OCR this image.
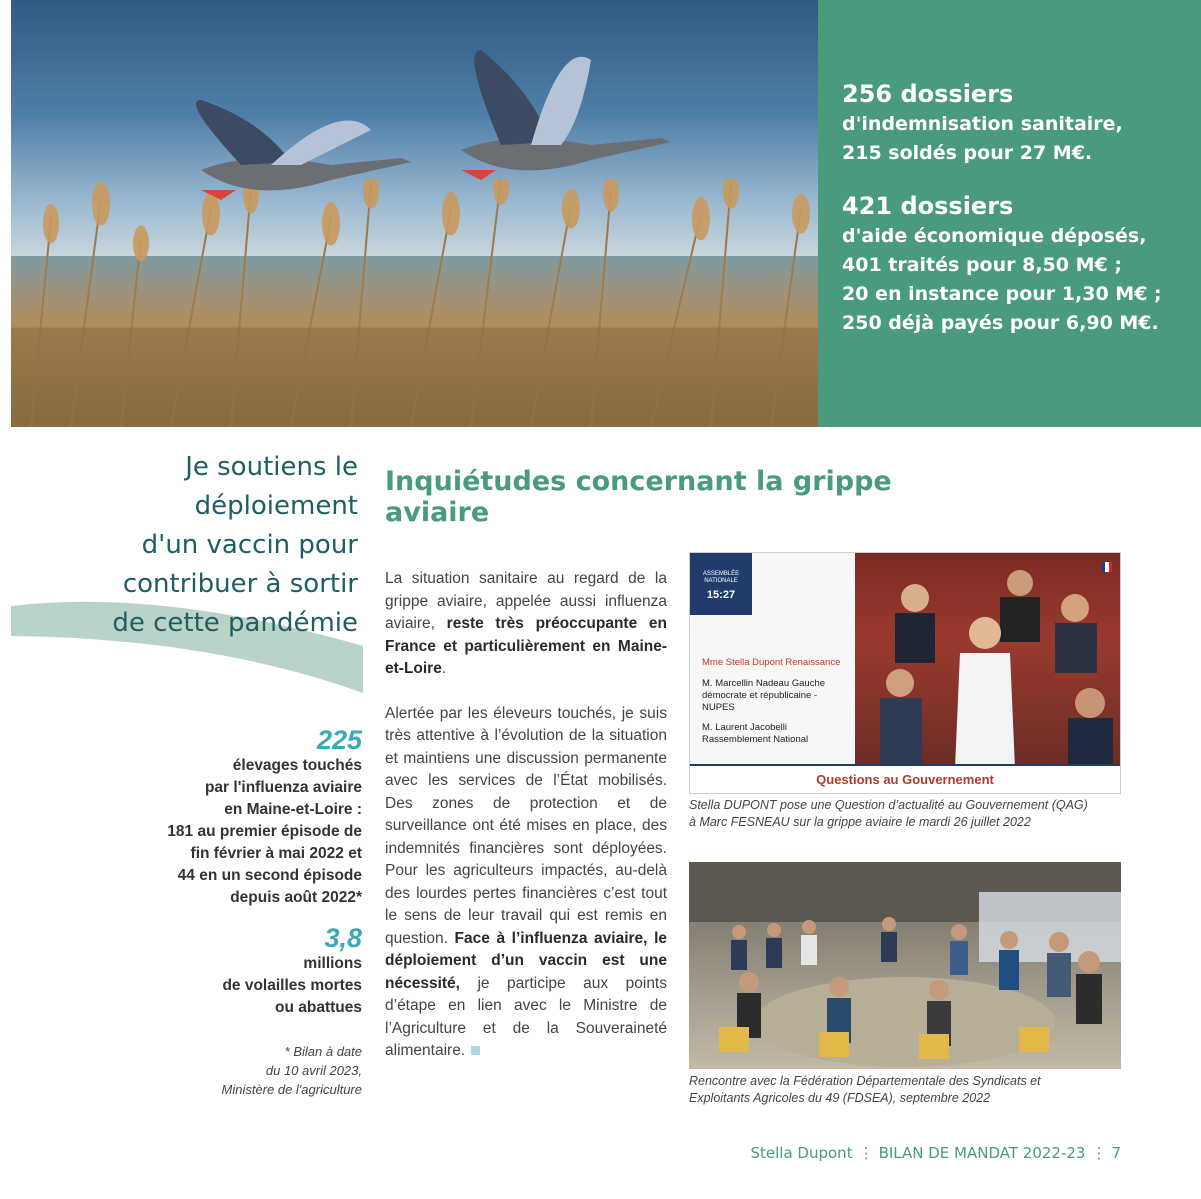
256 dossiers
d'indemnisation sanitaire,
215 soldés pour 27 M€.
421 dossiers
d'aide économique déposés,
401 traités pour 8,50 M€ ;
20 en instance pour 1,30 M€ ;
250 déjà payés pour 6,90 M€.
Je soutiens le
déploiement
d'un vaccin pour
contribuer à sortir
de cette pandémie
225
élevages touchés
par l'influenza aviaire
en Maine-et-Loire :
181 au premier épisode de
fin février à mai 2022 et
44 en un second épisode
depuis août 2022*
3,8
millions
de volailles mortes
ou abattues
* Bilan à date
du 10 avril 2023,
Ministère de l'agriculture
Inquiétudes concernant la grippe aviaire

La situation sanitaire au regard de la grippe aviaire, appelée aussi influenza aviaire, reste très préoccupante en France et particulièrement en Maine-et-Loire.

Alertée par les éleveurs touchés, je suis très attentive à l’évolution de la situation et maintiens une discussion permanente avec les services de l’État mobilisés. Des zones de protection et de surveillance ont été mises en place, des indemnités financières sont déployées. Pour les agriculteurs impactés, au-delà des lourdes pertes financières c’est tout le sens de leur travail qui est remis en question. Face à l’influenza aviaire, le déploiement d’un vaccin est une nécessité, je participe aux points d’étape en lien avec le Ministre de l’Agriculture et de la Souveraineté alimentaire.

ASSEMBLÉE NATIONALE
15:27
Mme Stella Dupont Renaissance
M. Marcellin Nadeau Gauche démocrate et républicaine - NUPES
M. Laurent Jacobelli Rassemblement National
Questions au Gouvernement
Stella DUPONT pose une Question d’actualité au Gouvernement (QAG)
à Marc FESNEAU sur la grippe aviaire le mardi 26 juillet 2022
Rencontre avec la Fédération Départementale des Syndicats et
Exploitants Agricoles du 49 (FDSEA), septembre 2022
Stella Dupont ⋮ BILAN DE MANDAT 2022-23 ⋮ 7
